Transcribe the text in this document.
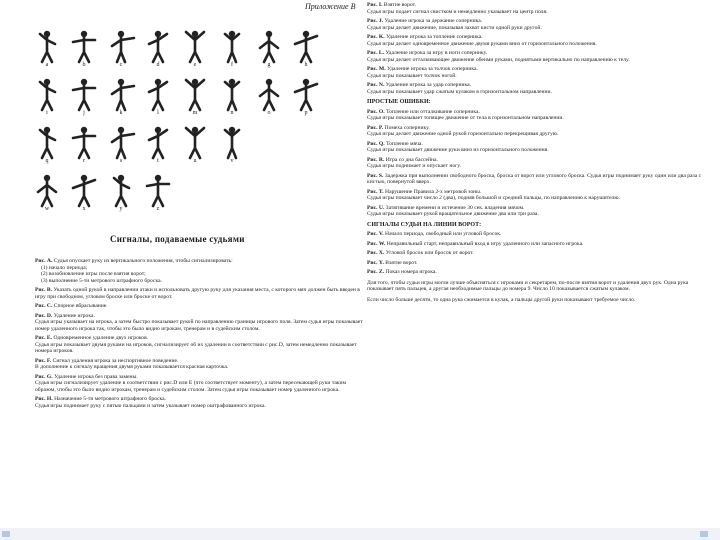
Приложение В
a	b	c	d	e	f	g	h
i	j	k	l	m	n	o	p
q	r	s	t	u	v
w	x	y	z
Сигналы, подаваемые судьями

Рис. A. Судья опускает руку из вертикального положения, чтобы сигнализировать:

(1) начало периода;

(2) возобновление игры после взятия ворот;

(3) выполнение 5-ти метрового штрафного броска.

Рис. B. Указать одной рукой в направлении атаки и использовать другую руку для указания места, с которого мяч должен быть введен в игру при свободном, угловом броске или броске от ворот.

Рис. C. Спорное вбрасывание.

Рис. D. Удаление игрока.

Судья игры указывает на игрока, а затем быстро показывает рукой по направлению границы игрового поля. Затем судья игры показывает номер удаленного игрока так, чтобы это было видно игрокам, тренерам и в судейским столом.

Рис. E. Одновременное удаление двух игроков.

Судья игры показывает двумя руками на игроков, сигнализирует об их удалении в соответствии с рис.D, затем немедленно показывает номера игроков.

Рис. F. Сигнал удаления игрока за неспортивное поведение.

В дополнение к сигналу вращения двумя руками показывается красная карточка.

Рис. G. Удаление игрока без права замены.

Судья игры сигнализирует удаление в соответствии с рис.D или E (что соответствует моменту), а затем пересекающей руки таким образом, чтобы это было видно игрокам, тренерам и судейским столом. Затем судья игры показывает номер удаленного игрока.

Рис. H. Назначение 5-ти метрового штрафного броска.

Судья игры поднимает руку с пятью пальцами и затем указывает номер оштрафованного игрока.

Рис. I. Взятие ворот.

Судья игры подает сигнал свистком и немедленно указывает на центр поля.

Рис. J. Удаление игрока за держание соперника.

Судья игры делает движение, показывая захват кисти одной руки другой.

Рис. K. Удаление игрока за топление соперника.

Судья игры делает одновременное движение двумя руками вниз от горизонтального положения.

Рис. L. Удаление игрока за игру в ноги сопернику.

Судья игры делает отталкивающее движение обеими руками, поднятыми вертикально по направлению к телу.

Рис. M. Удаление игрока за толчок соперника.

Судья игры показывает толчок ногой.

Рис. N. Удаление игрока за удар соперника.

Судья игры показывает удар сжатым кулаком в горизонтальном направлении.

ПРОСТЫЕ ОШИБКИ:

Рис. O. Топление или отталкивание соперника.

Судья игры показывает топящее движение от тела в горизонтальном направлении.

Рис. P. Помеха сопернику.

Судья игры делает движение одной рукой горизонтально перекрещивая другую.

Рис. Q. Топление мяча.

Судья игры показывает движение руки вниз из горизонтального положения.

Рис. R. Игра со дна бассейна.

Судья игры поднимает и опускает ногу.

Рис. S. Задержка при выполнении свободного броска, броска от ворот или углового броска. Судья игры поднимает руку один или два раза с кистью, повернутой вверх.

Рис. T. Нарушение Правила 2-х метровой зоны.

Судья игры показывает число 2 (два), подняв большой и средний пальцы, по направлению к нарушителю.

Рис. U. Затягивание времени и истечение 30 сек. владения мячом.

Судья игры показывает рукой вращательное движение два или три раза.

СИГНАЛЫ СУДЬИ НА ЛИНИИ ВОРОТ:

Рис. V. Начало периода, свободный или угловой бросок.

Рис. W. Неправильный старт, неправильный вход в игру удаленного или запасного игрока.

Рис. X. Угловой бросок или бросок от ворот.

Рис. Y. Взятие ворот.

Рис. Z. Показ номера игрока.

Для того, чтобы судьи игры могли лучше объясняться с игроками и секретарем, по-после взятия ворот и удаления двух рук. Одна рука показывает пять пальцев, а другая необходимые пальцы до номера 9. Число 10 показывается сжатым кулаком.

Если число больше десяти, то одна рука сжимается в кулак, а пальцы другой руки показывают требуемое число.
